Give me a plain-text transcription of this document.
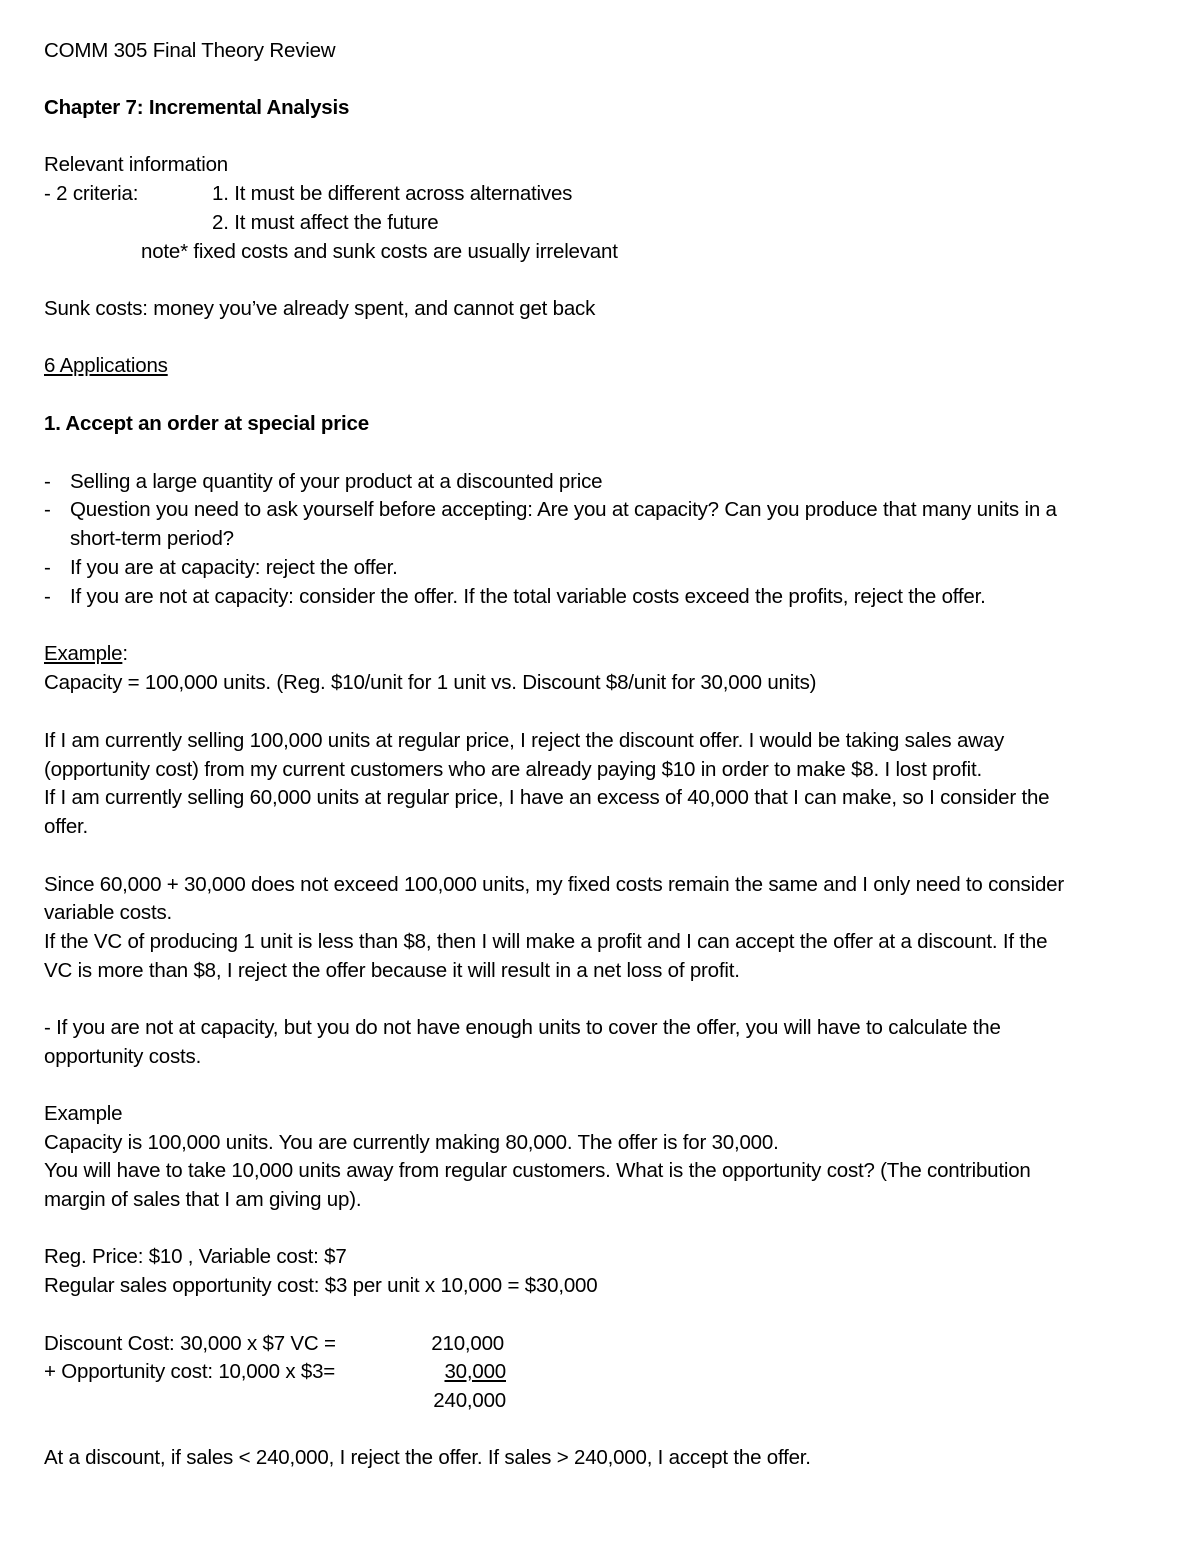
COMM 305 Final Theory Review
Chapter 7: Incremental Analysis
Relevant information
- 2 criteria:	1. It must be different across alternatives
2. It must affect the future
note* fixed costs and sunk costs are usually irrelevant
Sunk costs: money you’ve already spent, and cannot get back
6 Applications
1. Accept an order at special price
- Selling a large quantity of your product at a discounted price
- Question you need to ask yourself before accepting: Are you at capacity? Can you produce that many units in a
short-term period?
- If you are at capacity: reject the offer.
- If you are not at capacity: consider the offer. If the total variable costs exceed the profits, reject the offer.
Example:
Capacity = 100,000 units. (Reg. $10/unit for 1 unit vs. Discount $8/unit for 30,000 units)
If I am currently selling 100,000 units at regular price, I reject the discount offer. I would be taking sales away
(opportunity cost) from my current customers who are already paying $10 in order to make $8. I lost profit.
If I am currently selling 60,000 units at regular price, I have an excess of 40,000 that I can make, so I consider the
offer.
Since 60,000 + 30,000 does not exceed 100,000 units, my fixed costs remain the same and I only need to consider
variable costs.
If the VC of producing 1 unit is less than $8, then I will make a profit and I can accept the offer at a discount. If the
VC is more than $8, I reject the offer because it will result in a net loss of profit.
- If you are not at capacity, but you do not have enough units to cover the offer, you will have to calculate the
opportunity costs.
Example
Capacity is 100,000 units. You are currently making 80,000. The offer is for 30,000.
You will have to take 10,000 units away from regular customers. What is the opportunity cost? (The contribution
margin of sales that I am giving up).
Reg. Price: $10 , Variable cost: $7
Regular sales opportunity cost: $3 per unit x 10,000 = $30,000
Discount Cost: 30,000 x $7 VC =	210,000
+ Opportunity cost: 10,000 x $3=	30,000
240,000
At a discount, if sales < 240,000, I reject the offer. If sales > 240,000, I accept the offer.
